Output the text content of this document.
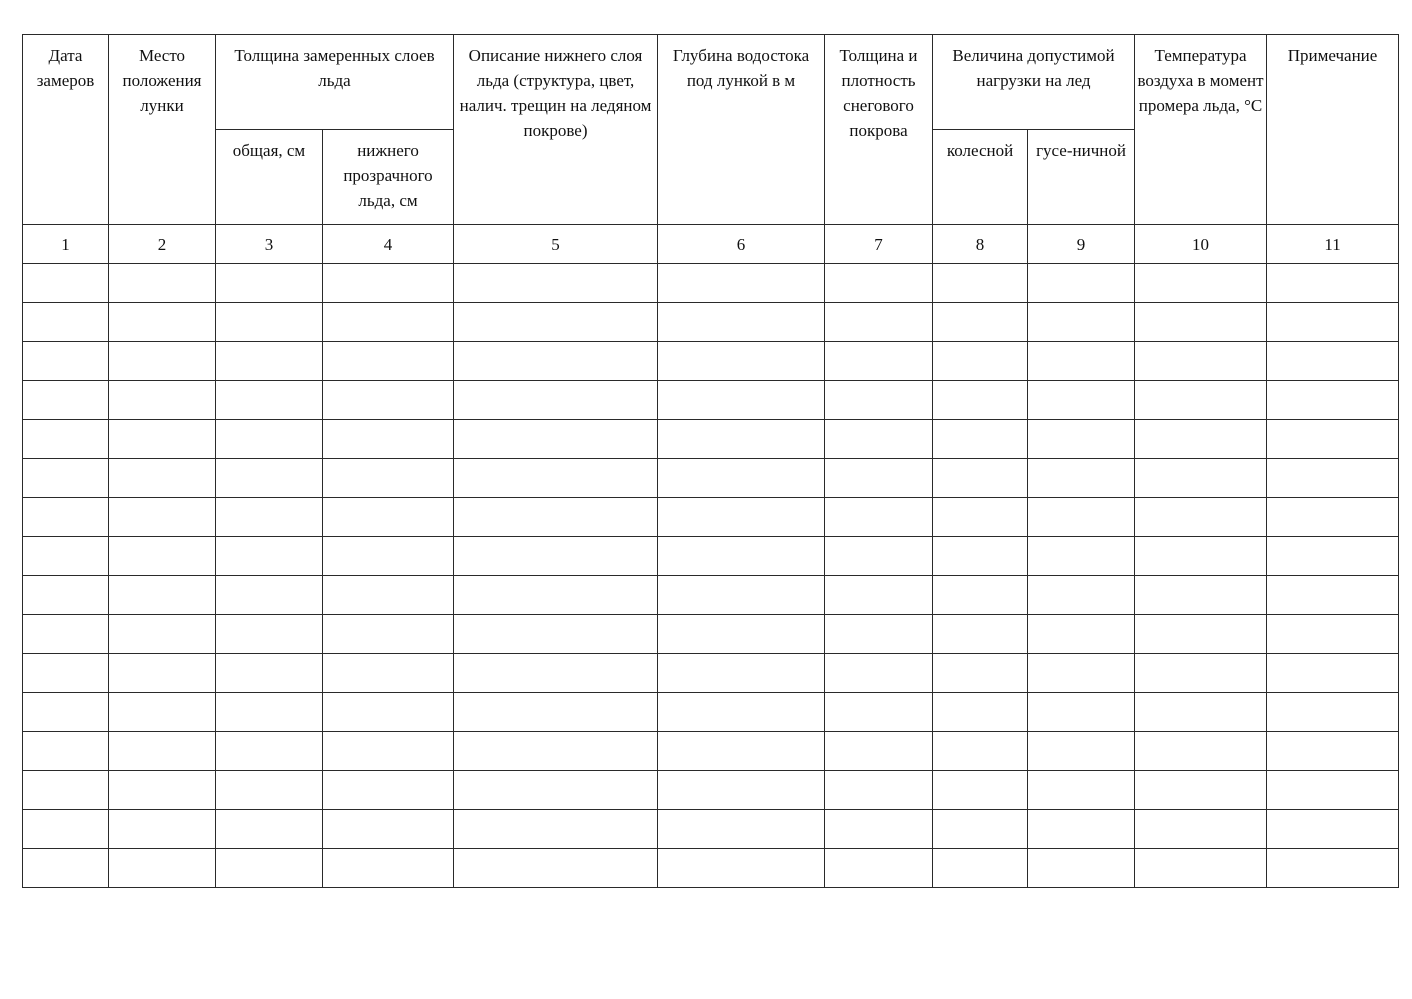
Дата замеров	Место положения лунки	Толщина замеренных слоев льда		Описание нижнего слоя льда (структура, цвет, налич. трещин на ледяном покрове)	Глубина водостока под лункой в м	Толщина и плотность снегового покрова	Величина допустимой нагрузки на лед		Температура воздуха в момент промера льда, °С	Примечание

		общая, см	нижнего прозрачного льда, см				колесной	гусе-ничной		

1	2	3	4	5	6	7	8	9	10	11
